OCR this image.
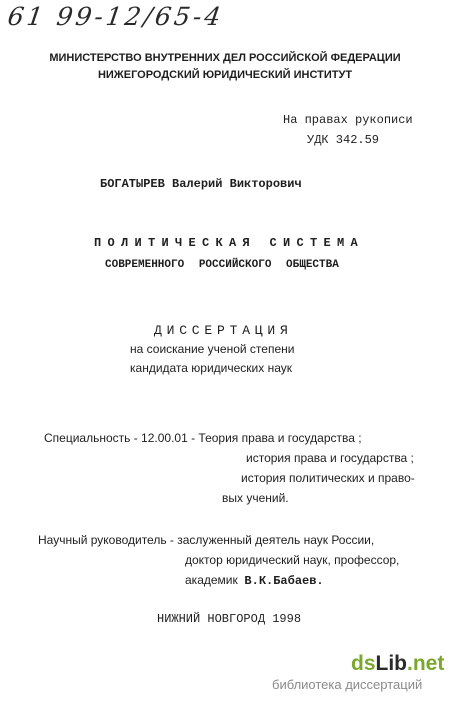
61 99-12/65-4
МИНИСТЕРСТВО ВНУТРЕННИХ ДЕЛ РОССИЙСКОЙ ФЕДЕРАЦИИ
НИЖЕГОРОДСКИЙ ЮРИДИЧЕСКИЙ ИНСТИТУТ
На правах рукописи
УДК 342.59
БОГАТЫРЕВ Валерий Викторович
ПОЛИТИЧЕСКАЯ СИСТЕМА
СОВРЕМЕННОГО РОССИЙСКОГО ОБЩЕСТВА
ДИССЕРТАЦИЯ
на соискание ученой степени
кандидата юридических наук
Специальность - 12.00.01 - Теория права и государства ;
история права и государства ;
история политических и право-
вых учений.
Научный руководитель - заслуженный деятель наук России,
доктор юридический наук, профессор,
академик В.К.Бабаев.
НИЖНИЙ НОВГОРОД 1998
dsLib.net
библиотека диссертаций
